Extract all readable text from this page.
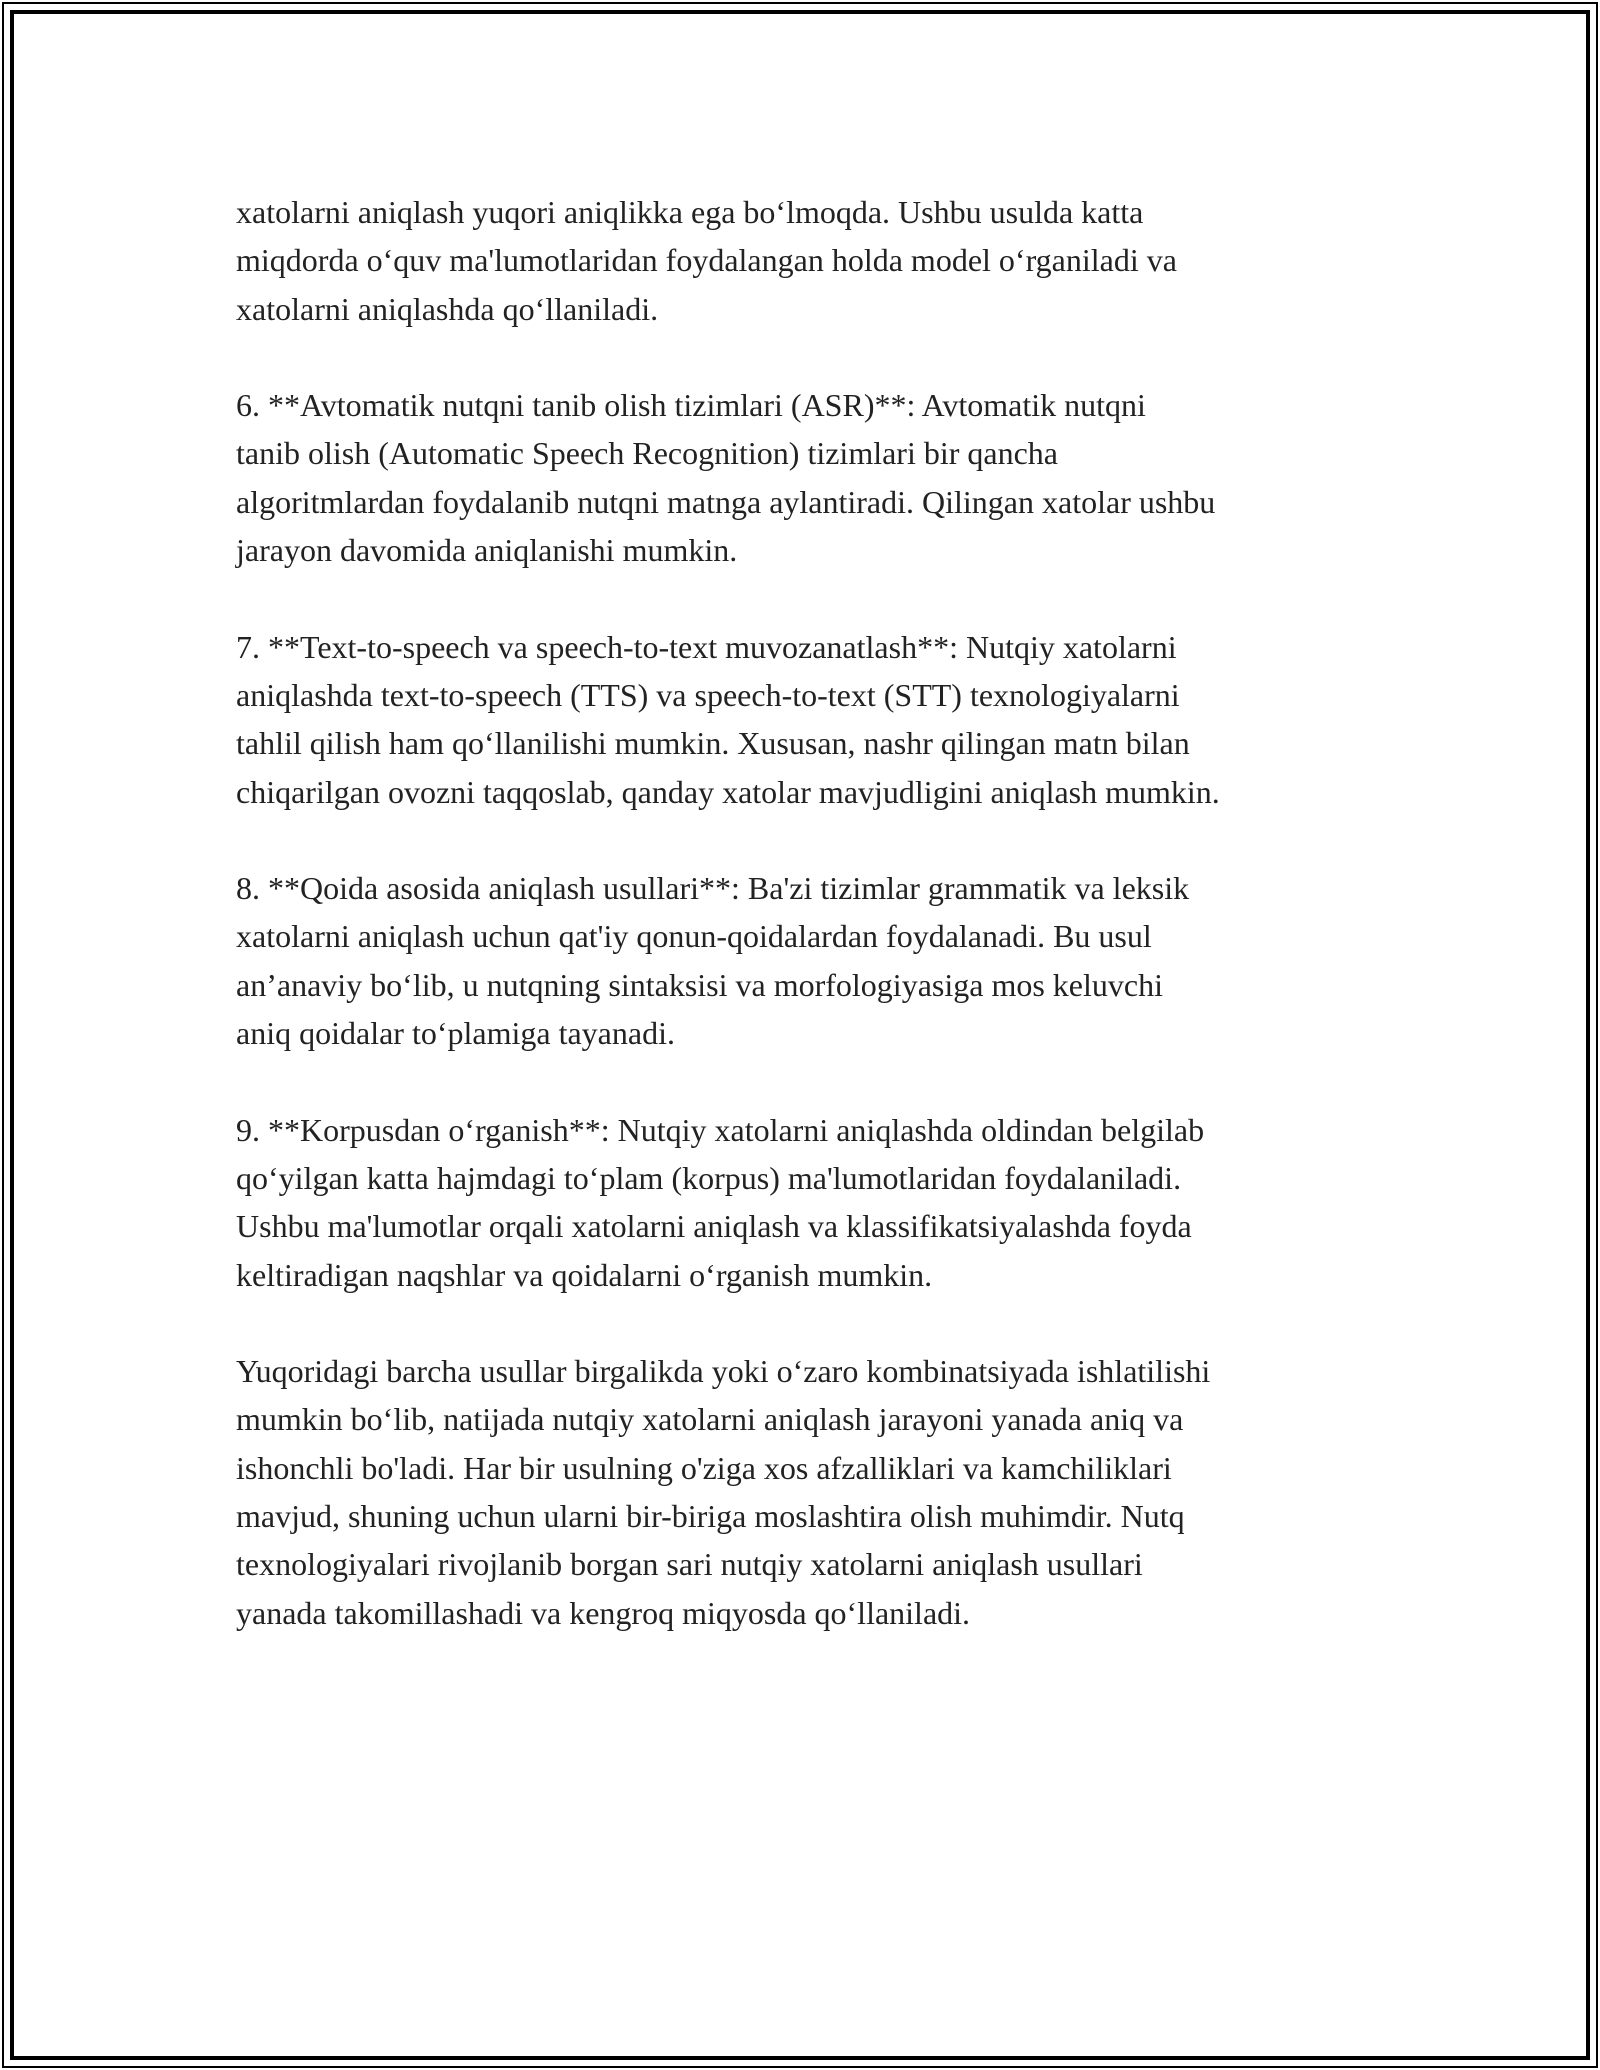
xatolarni aniqlash yuqori aniqlikka ega bo‘lmoqda. Ushbu usulda katta
miqdorda o‘quv ma'lumotlaridan foydalangan holda model o‘rganiladi va
xatolarni aniqlashda qo‘llaniladi.

6. **Avtomatik nutqni tanib olish tizimlari (ASR)**: Avtomatik nutqni
tanib olish (Automatic Speech Recognition) tizimlari bir qancha
algoritmlardan foydalanib nutqni matnga aylantiradi. Qilingan xatolar ushbu
jarayon davomida aniqlanishi mumkin.

7. **Text-to-speech va speech-to-text muvozanatlash**: Nutqiy xatolarni
aniqlashda text-to-speech (TTS) va speech-to-text (STT) texnologiyalarni
tahlil qilish ham qo‘llanilishi mumkin. Xususan, nashr qilingan matn bilan
chiqarilgan ovozni taqqoslab, qanday xatolar mavjudligini aniqlash mumkin.

8. **Qoida asosida aniqlash usullari**: Ba'zi tizimlar grammatik va leksik
xatolarni aniqlash uchun qat'iy qonun-qoidalardan foydalanadi. Bu usul
an’anaviy bo‘lib, u nutqning sintaksisi va morfologiyasiga mos keluvchi
aniq qoidalar to‘plamiga tayanadi.

9. **Korpusdan o‘rganish**: Nutqiy xatolarni aniqlashda oldindan belgilab
qo‘yilgan katta hajmdagi to‘plam (korpus) ma'lumotlaridan foydalaniladi.
Ushbu ma'lumotlar orqali xatolarni aniqlash va klassifikatsiyalashda foyda
keltiradigan naqshlar va qoidalarni o‘rganish mumkin.

Yuqoridagi barcha usullar birgalikda yoki o‘zaro kombinatsiyada ishlatilishi
mumkin bo‘lib, natijada nutqiy xatolarni aniqlash jarayoni yanada aniq va
ishonchli bo'ladi. Har bir usulning o'ziga xos afzalliklari va kamchiliklari
mavjud, shuning uchun ularni bir-biriga moslashtira olish muhimdir. Nutq
texnologiyalari rivojlanib borgan sari nutqiy xatolarni aniqlash usullari
yanada takomillashadi va kengroq miqyosda qo‘llaniladi.
